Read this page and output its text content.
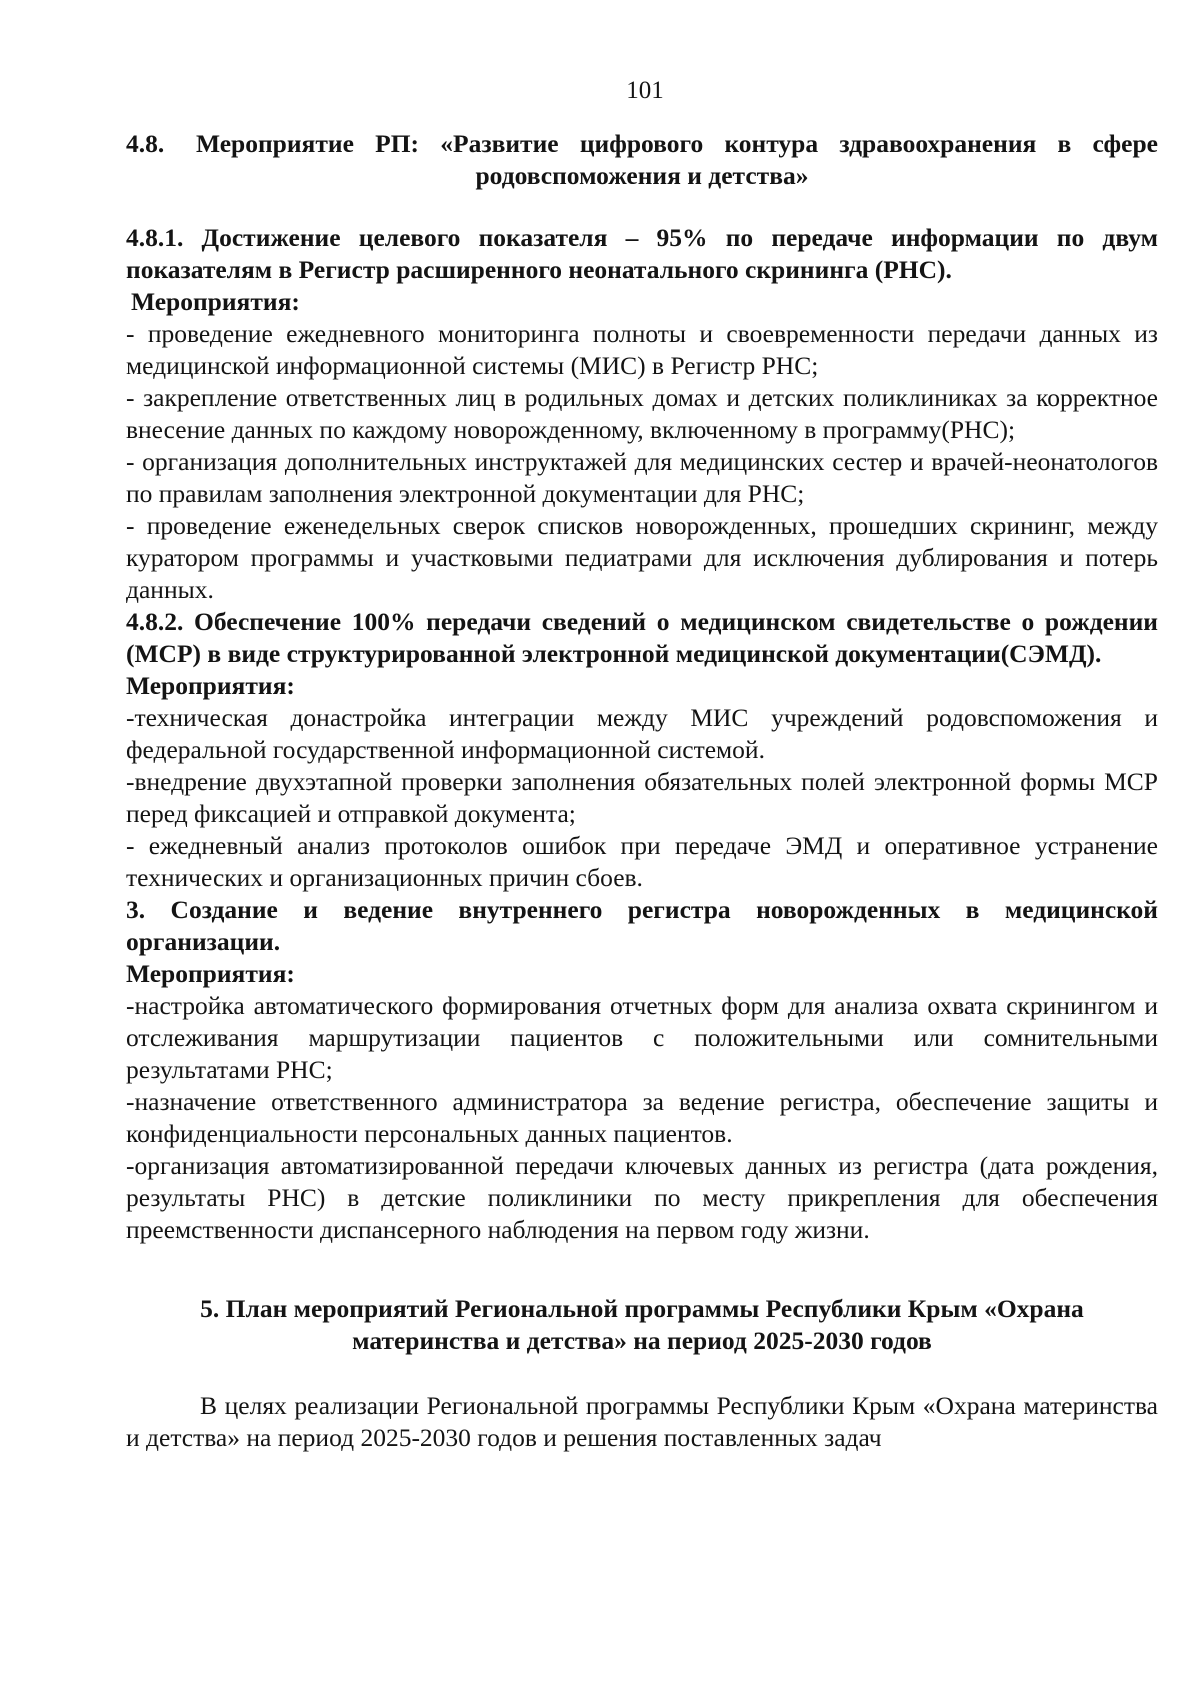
101

4.8. Мероприятие РП: «Развитие цифрового контура здравоохранения в сфере
родовспоможения и детства»

4.8.1. Достижение целевого показателя – 95% по передаче информации по двум показателям в Регистр расширенного неонатального скрининга (РНС).

Мероприятия:

- проведение ежедневного мониторинга полноты и своевременности передачи данных из медицинской информационной системы (МИС) в Регистр РНС;

- закрепление ответственных лиц в родильных домах и детских поликлиниках за корректное внесение данных по каждому новорожденному, включенному в программу(РНС);

- организация дополнительных инструктажей для медицинских сестер и врачей-неонатологов по правилам заполнения электронной документации для РНС;

- проведение еженедельных сверок списков новорожденных, прошедших скрининг, между куратором программы и участковыми педиатрами для исключения дублирования и потерь данных.

4.8.2. Обеспечение 100% передачи сведений о медицинском свидетельстве о рождении (МСР) в виде структурированной электронной медицинской документации(СЭМД).

Мероприятия:

-техническая донастройка интеграции между МИС учреждений родовспоможения и федеральной государственной информационной системой.

-внедрение двухэтапной проверки заполнения обязательных полей электронной формы МСР перед фиксацией и отправкой документа;

- ежедневный анализ протоколов ошибок при передаче ЭМД и оперативное устранение технических и организационных причин сбоев.

3. Создание и ведение внутреннего регистра новорожденных в медицинской организации.

Мероприятия:

-настройка автоматического формирования отчетных форм для анализа охвата скринингом и отслеживания маршрутизации пациентов с положительными или сомнительными результатами РНС;

-назначение ответственного администратора за ведение регистра, обеспечение защиты и конфиденциальности персональных данных пациентов.

-организация автоматизированной передачи ключевых данных из регистра (дата рождения, результаты РНС) в детские поликлиники по месту прикрепления для обеспечения преемственности диспансерного наблюдения на первом году жизни.

5. План мероприятий Региональной программы Республики Крым «Охрана
материнства и детства» на период 2025-2030 годов

В целях реализации Региональной программы Республики Крым «Охрана материнства и детства» на период 2025-2030 годов и решения поставленных задач
